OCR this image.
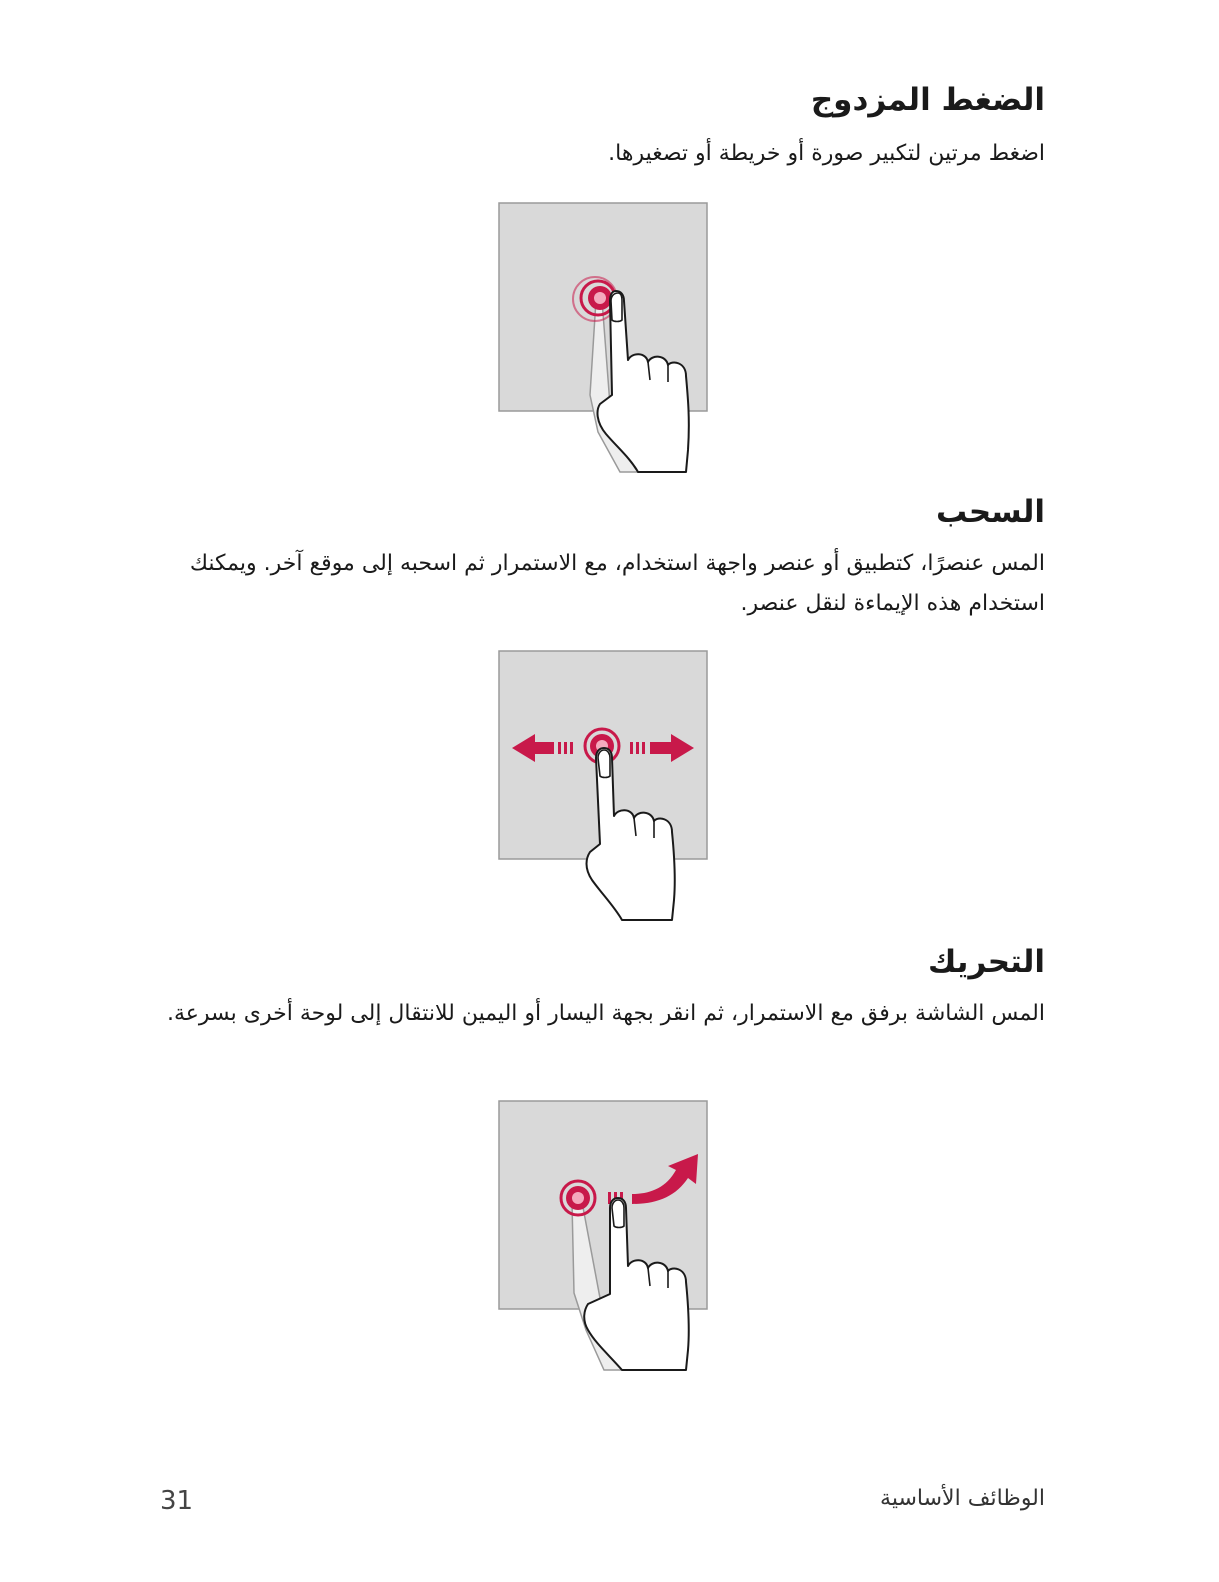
الضغط المزدوج

اضغط مرتين لتكبير صورة أو خريطة أو تصغيرها.

السحب

المس عنصرًا، كتطبيق أو عنصر واجهة استخدام، مع الاستمرار ثم اسحبه إلى موقع آخر. ويمكنك استخدام هذه الإيماءة لنقل عنصر.

التحريك

المس الشاشة برفق مع الاستمرار، ثم انقر بجهة اليسار أو اليمين للانتقال إلى لوحة أخرى بسرعة.

الوظائف الأساسية
31
